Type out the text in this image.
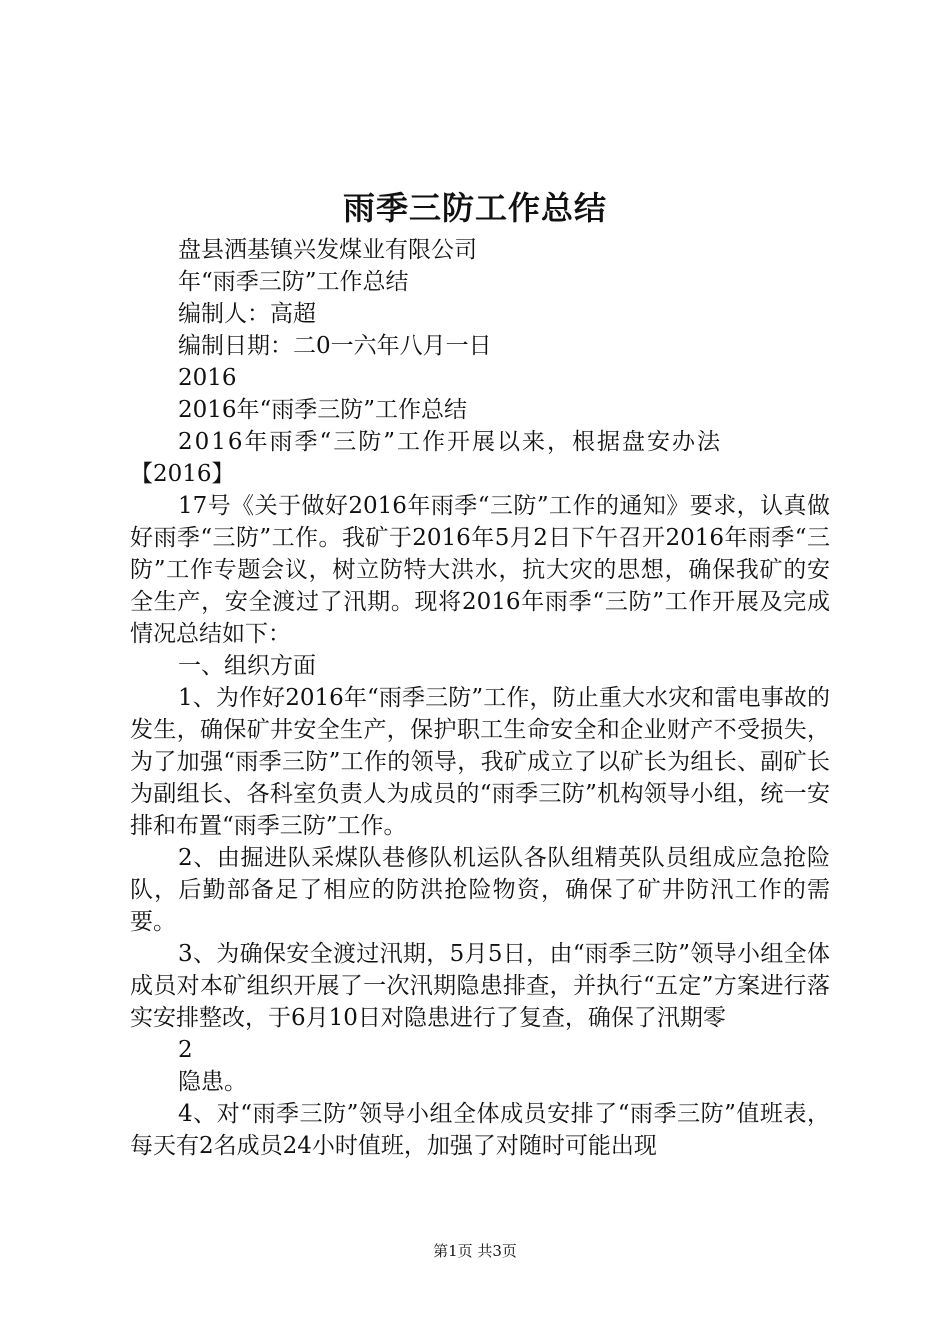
雨季三防工作总结
盘县洒基镇兴发煤业有限公司
年“雨季三防”工作总结
编制人：高超
编制日期：二0一六年八月一日
2016
2016年“雨季三防”工作总结
2016年雨季“三防”工作开展以来，根据盘安办法
【2016】
17号《关于做好2016年雨季“三防”工作的通知》要求，认真做好雨季“三防”工作。我矿于2016年5月2日下午召开2016年雨季“三防”工作专题会议，树立防特大洪水，抗大灾的思想，确保我矿的安全生产，安全渡过了汛期。现将2016年雨季“三防”工作开展及完成情况总结如下：
一、组织方面
1、为作好2016年“雨季三防”工作，防止重大水灾和雷电事故的发生，确保矿井安全生产，保护职工生命安全和企业财产不受损失，为了加强“雨季三防”工作的领导，我矿成立了以矿长为组长、副矿长为副组长、各科室负责人为成员的“雨季三防”机构领导小组，统一安排和布置“雨季三防”工作。
2、由掘进队采煤队巷修队机运队各队组精英队员组成应急抢险队，后勤部备足了相应的防洪抢险物资，确保了矿井防汛工作的需要。
3、为确保安全渡过汛期，5月5日，由“雨季三防”领导小组全体成员对本矿组织开展了一次汛期隐患排查，并执行“五定”方案进行落实安排整改，于6月10日对隐患进行了复查，确保了汛期零
2
隐患。
4、对“雨季三防”领导小组全体成员安排了“雨季三防”值班表，每天有2名成员24小时值班，加强了对随时可能出现
第1页 共3页
